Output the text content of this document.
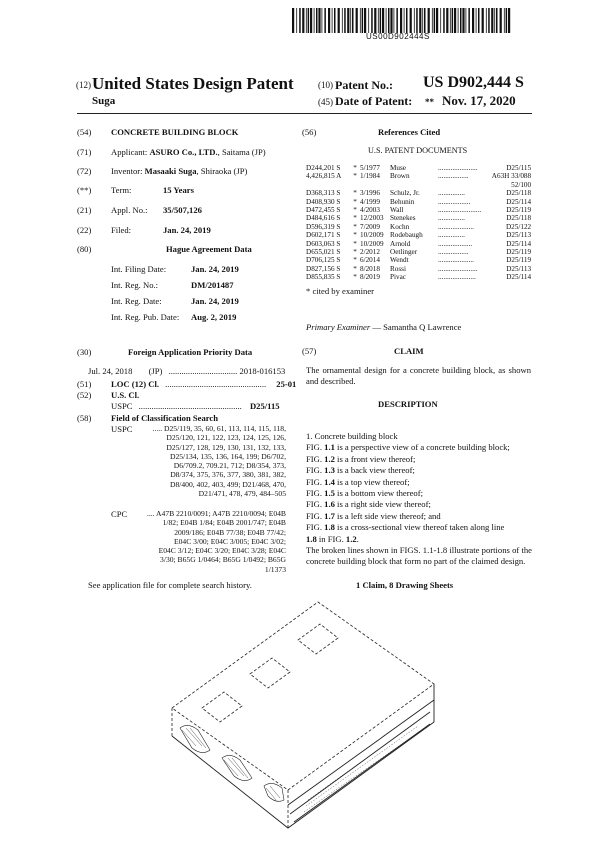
US00D902444S
(12) United States Design Patent
Suga
(10) Patent No.: US D902,444 S
(45) Date of Patent: ** Nov. 17, 2020
(54) CONCRETE BUILDING BLOCK
(71) Applicant: ASURO Co., LTD., Saitama (JP)
(72) Inventor: Masaaki Suga, Shiraoka (JP)
(**) Term:	15 Years
(21) Appl. No.: 35/507,126
(22) Filed:	Jan. 24, 2019
(80)	Hague Agreement Data
Int. Filing Date:	Jan. 24, 2019
Int. Reg. No.:	DM/201487
Int. Reg. Date:	Jan. 24, 2019
Int. Reg. Pub. Date: Aug. 2, 2019
(30)	Foreign Application Priority Data
Jul. 24, 2018 (JP) ................................ 2018-016153
(51) LOC (12) Cl. ............................................... 25-01
(52) U.S. Cl.
USPC ................................................ D25/115
(58) Field of Classification Search
USPC	..... D25/119, 35, 60, 61, 113, 114, 115, 118,
D25/120, 121, 122, 123, 124, 125, 126,
D25/127, 128, 129, 130, 131, 132, 133,
D25/134, 135, 136, 164, 199; D6/702,
D6/709.2, 709.21, 712; D8/354, 373,
D8/374, 375, 376, 377, 380, 381, 382,
D8/400, 402, 403, 499; D21/468, 470,
D21/471, 478, 479, 484–505
CPC	.... A47B 2210/0091; A47B 2210/0094; E04B
1/82; E04B 1/84; E04B 2001/747; E04B
2009/186; E04B 77/38; E04B 77/42;
E04C 3/00; E04C 3/005; E04C 3/02;
E04C 3/12; E04C 3/20; E04C 3/28; E04C
3/30; B65G 1/0464; B65G 1/0492; B65G
1/1373
See application file for complete search history.
(56)	References Cited
U.S. PATENT DOCUMENTS
D244,201 S	*	5/1977	Muse	......................	D25/115
4,426,815 A	*	1/1984	Brown	.................	A63H 33/088
					52/100
D368,313 S	*	3/1996	Schulz, Jr.	...............	D25/118
D408,930 S	*	4/1999	Behunin	..................	D25/114
D472,455 S	*	4/2003	Wall	........................	D25/119
D484,616 S	*	12/2003	Stenekes	...............	D25/118
D596,319 S	*	7/2009	Kochn	....................	D25/122
D602,171 S	*	10/2009	Rodebaugh	...............	D25/113
D603,063 S	*	10/2009	Arnold	...................	D25/114
D655,021 S	*	2/2012	Oetlinger	.................	D25/119
D706,125 S	*	6/2014	Wendt	....................	D25/119
D827,156 S	*	8/2018	Rossi	......................	D25/113
D855,835 S	*	8/2019	Pivac	.....................	D25/114
* cited by examiner
Primary Examiner — Samantha Q Lawrence
(57)	CLAIM
The ornamental design for a concrete building block, as shown and described.
DESCRIPTION
1. Concrete building block
FIG. 1.1 is a perspective view of a concrete building block;
FIG. 1.2 is a front view thereof;
FIG. 1.3 is a back view thereof;
FIG. 1.4 is a top view thereof;
FIG. 1.5 is a bottom view thereof;
FIG. 1.6 is a right side view thereof;
FIG. 1.7 is a left side view thereof; and
FIG. 1.8 is a cross-sectional view thereof taken along line
1.8 in FIG. 1.2.
The broken lines shown in FIGS. 1.1-1.8 illustrate portions of the concrete building block that form no part of the claimed design.
1 Claim, 8 Drawing Sheets
